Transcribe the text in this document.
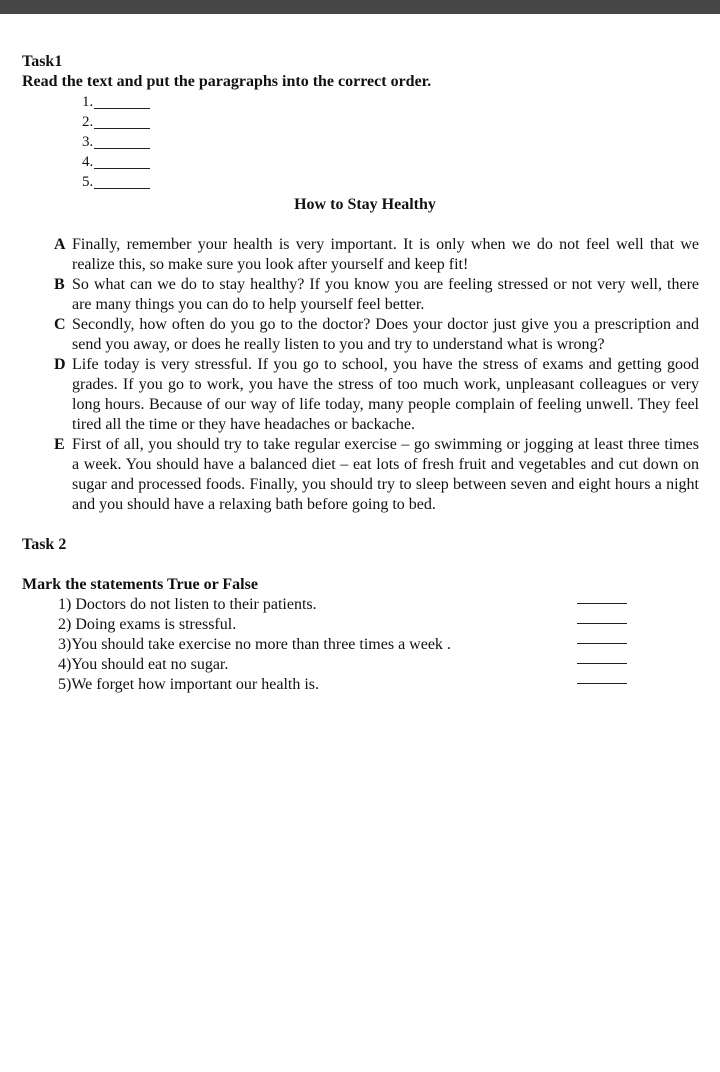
Task1

Read the text and put the paragraphs into the correct order.

1.
2.
3.
4.
5.

How to Stay Healthy

A Finally, remember your health is very important. It is only when we do not feel well that we realize this, so make sure you look after yourself and keep fit!
B So what can we do to stay healthy? If you know you are feeling stressed or not very well, there are many things you can do to help yourself feel better.
C Secondly, how often do you go to the doctor? Does your doctor just give you a prescription and send you away, or does he really listen to you and try to understand what is wrong?
D Life today is very stressful. If you go to school, you have the stress of exams and getting good grades. If you go to work, you have the stress of too much work, unpleasant colleagues or very long hours. Because of our way of life today, many people complain of feeling unwell. They feel tired all the time or they have headaches or backache.
E First of all, you should try to take regular exercise – go swimming or jogging at least three times a week. You should have a balanced diet – eat lots of fresh fruit and vegetables and cut down on sugar and processed foods. Finally, you should try to sleep between seven and eight hours a night and you should have a relaxing bath before going to bed.
Task 2
Mark the statements True or False
1) Doctors do not listen to their patients.
2) Doing exams is stressful.
3)You should take exercise no more than three times a week .
4)You should eat no sugar.
5)We forget how important our health is.
